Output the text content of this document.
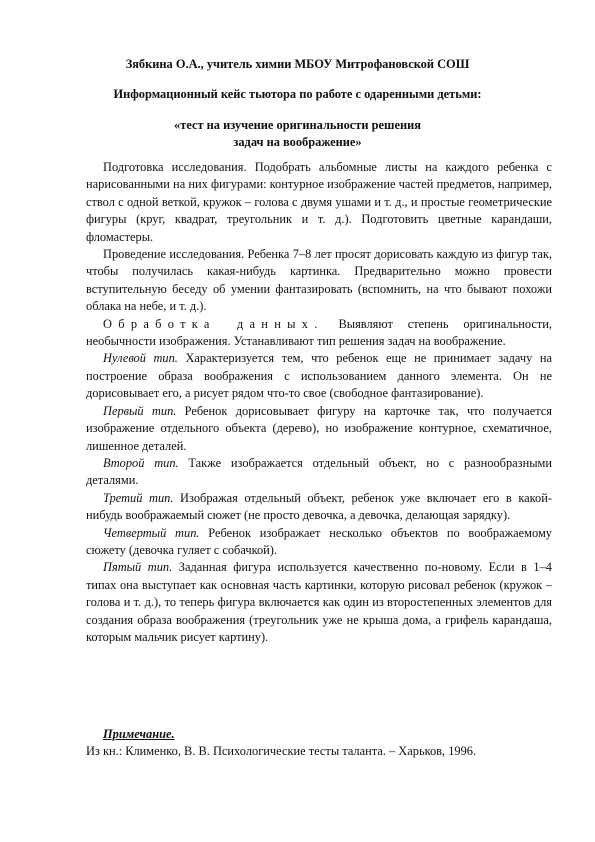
Зябкина О.А., учитель химии МБОУ Митрофановской СОШ
Информационный кейс тьютора по работе с одаренными детьми:
«тест на изучение оригинальности решения
задач на воображение»

Подготовка исследования. Подобрать альбомные листы на каждого ребенка с нарисованными на них фигурами: контурное изображение частей предметов, например, ствол с одной веткой, кружок – голова с двумя ушами и т. д., и простые геометрические фигуры (круг, квадрат, треугольник и т. д.). Подготовить цветные карандаши, фломастеры.

Проведение исследования. Ребенка 7–8 лет просят дорисовать каждую из фигур так, чтобы получилась какая-нибудь картинка. Предварительно можно провести вступительную беседу об умении фантазировать (вспомнить, на что бывают похожи облака на небе, и т. д.).

Обработка данных. Выявляют степень оригинальности, необычности изображения. Устанавливают тип решения задач на воображение.

Нулевой тип. Характеризуется тем, что ребенок еще не принимает задачу на построение образа воображения с использованием данного элемента. Он не дорисовывает его, а рисует рядом что-то свое (свободное фантазирование).

Первый тип. Ребенок дорисовывает фигуру на карточке так, что получается изображение отдельного объекта (дерево), но изображение контурное, схематичное, лишенное деталей.

Второй тип. Также изображается отдельный объект, но с разнообразными деталями.

Третий тип. Изображая отдельный объект, ребенок уже включает его в какой-нибудь воображаемый сюжет (не просто девочка, а девочка, делающая зарядку).

Четвертый тип. Ребенок изображает несколько объектов по воображаемому сюжету (девочка гуляет с собачкой).

Пятый тип. Заданная фигура используется качественно по-новому. Если в 1–4 типах она выступает как основная часть картинки, которую рисовал ребенок (кружок – голова и т. д.), то теперь фигура включается как один из второстепенных элементов для создания образа воображения (треугольник уже не крыша дома, а грифель карандаша, которым мальчик рисует картину).

Примечание.
Из кн.: Клименко, В. В. Психологические тесты таланта. – Харьков, 1996.
